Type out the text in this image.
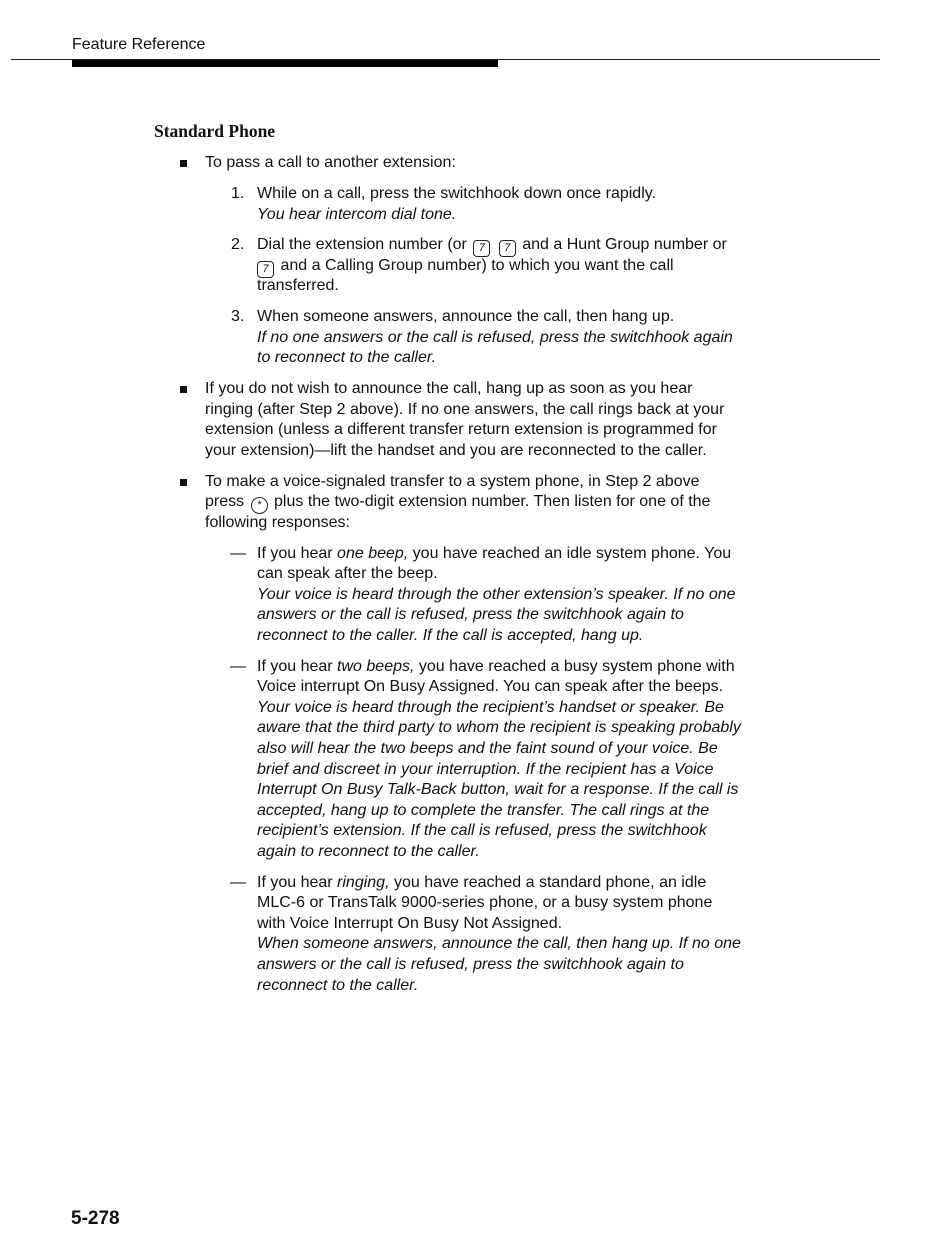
Feature Reference
Standard Phone
To pass a call to another extension:
1. While on a call, press the switchhook down once rapidly.
You hear intercom dial tone.
2. Dial the extension number (or 7 7 and a Hunt Group number or
7 and a Calling Group number) to which you want the call
transferred.
3. When someone answers, announce the call, then hang up.
If no one answers or the call is refused, press the switchhook again
to reconnect to the caller.
If you do not wish to announce the call, hang up as soon as you hear
ringing (after Step 2 above). If no one answers, the call rings back at your
extension (unless a different transfer return extension is programmed for
your extension)—lift the handset and you are reconnected to the caller.
To make a voice-signaled transfer to a system phone, in Step 2 above
press * plus the two-digit extension number. Then listen for one of the
following responses:
— If you hear one beep, you have reached an idle system phone. You
can speak after the beep.
Your voice is heard through the other extension’s speaker. If no one
answers or the call is refused, press the switchhook again to
reconnect to the caller. If the call is accepted, hang up.
— If you hear two beeps, you have reached a busy system phone with
Voice interrupt On Busy Assigned. You can speak after the beeps.
Your voice is heard through the recipient’s handset or speaker. Be
aware that the third party to whom the recipient is speaking probably
also will hear the two beeps and the faint sound of your voice. Be
brief and discreet in your interruption. If the recipient has a Voice
Interrupt On Busy Talk-Back button, wait for a response. If the call is
accepted, hang up to complete the transfer. The call rings at the
recipient’s extension. If the call is refused, press the switchhook
again to reconnect to the caller.
— If you hear ringing, you have reached a standard phone, an idle
MLC-6 or TransTalk 9000-series phone, or a busy system phone
with Voice Interrupt On Busy Not Assigned.
When someone answers, announce the call, then hang up. If no one
answers or the call is refused, press the switchhook again to
reconnect to the caller.
5-278
